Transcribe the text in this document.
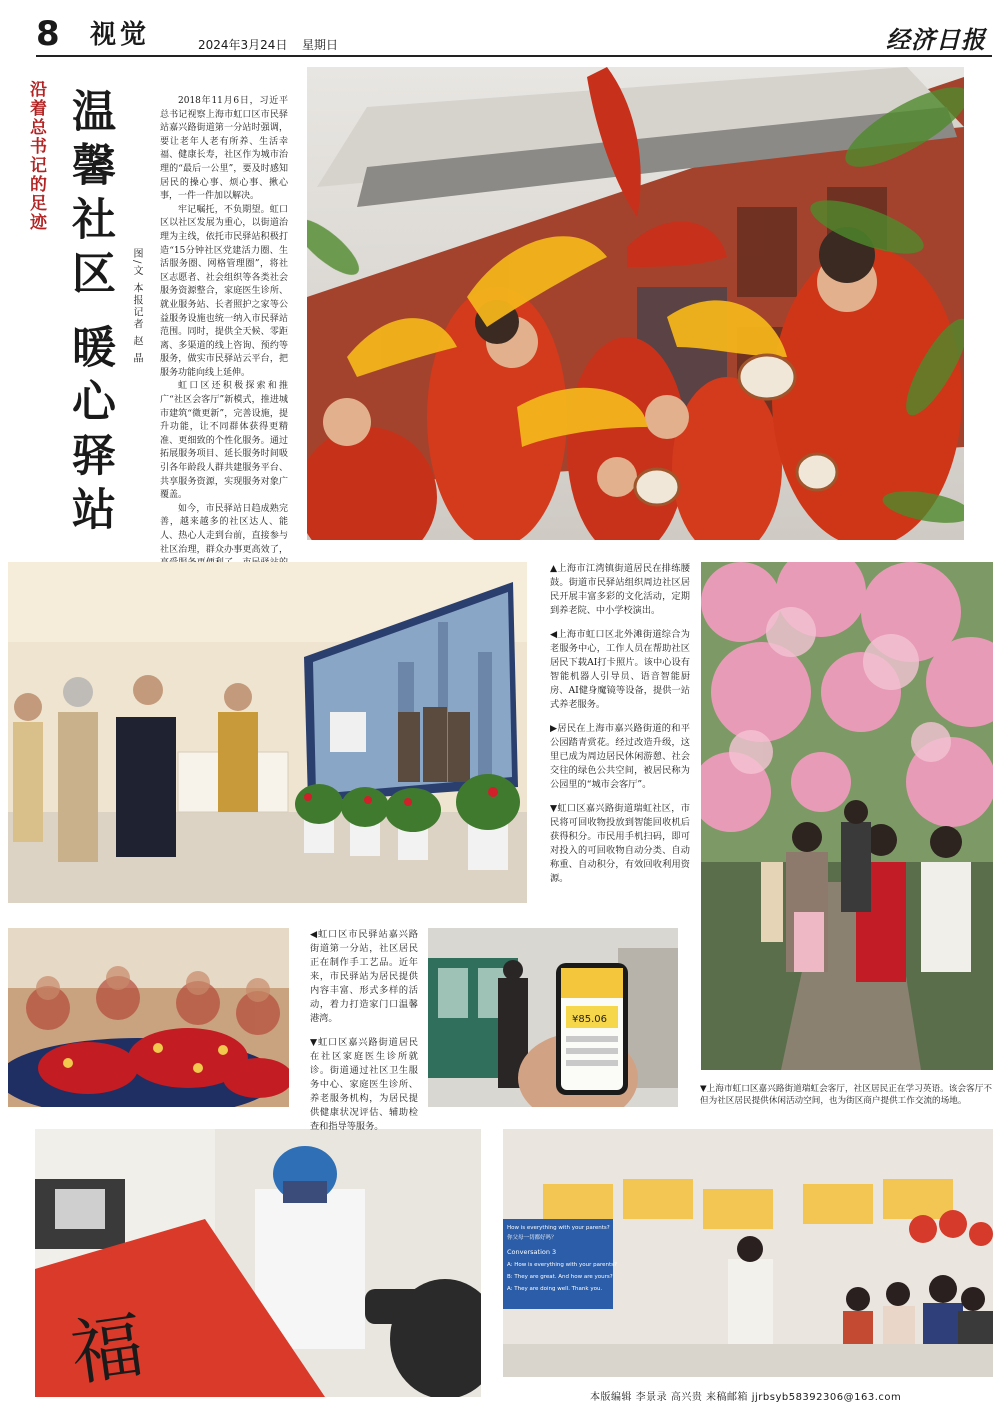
8 视觉	2024年3月24日 星期日	经济日报
沿着总书记的足迹 温馨社区暖心驿站
图/文 本报记者 赵 晶

2018年11月6日，习近平总书记视察上海市虹口区市民驿站嘉兴路街道第一分站时强调，要让老年人老有所养、生活幸福、健康长寿，社区作为城市治理的“最后一公里”，要及时感知居民的操心事、烦心事、揪心事，一件一件加以解决。

牢记嘱托，不负期望。虹口区以社区发展为重心，以街道治理为主线，依托市民驿站积极打造“15分钟社区党建活力圈、生活服务圈、网格管理圈”，将社区志愿者、社会组织等各类社会服务资源整合，家庭医生诊所、就业服务站、长者照护之家等公益服务设施也统一纳入市民驿站范围。同时，提供全天候、零距离、多渠道的线上咨询、预约等服务，做实市民驿站云平台，把服务功能向线上延伸。

虹口区还积极探索和推广“社区会客厅”新模式，推进城市建筑“微更新”，完善设施，提升功能，让不同群体获得更精准、更细致的个性化服务。通过拓展服务项目、延长服务时间吸引各年龄段人群共建服务平台、共享服务资源，实现服务对象广覆盖。

如今，市民驿站日趋成熟完善，越来越多的社区达人、能人、热心人走到台前，直接参与社区治理，群众办事更高效了，

¥85.06
福
How is everything with your parents?
你父母一切都好吗？
Conversation 3
A: How is everything with your parents?
B: They are great. And how are yours?
A: They are doing well. Thank you.

▲上海市江湾镇街道居民在排练腰鼓。街道市民驿站组织周边社区居民开展丰富多彩的文化活动，定期到养老院、中小学校演出。

◀上海市虹口区北外滩街道综合为老服务中心，工作人员在帮助社区居民下载AI打卡照片。该中心设有智能机器人引导员、语音智能厨房、AI健身魔镜等设备，提供一站式养老服务。

▶居民在上海市嘉兴路街道的和平公园踏青赏花。经过改造升级，这里已成为周边居民休闲游憩、社会交往的绿色公共空间，被居民称为公园里的“城市会客厅”。

▼虹口区嘉兴路街道瑞虹社区，市民将可回收物投放到智能回收机后获得积分。市民用手机扫码，即可对投入的可回收物自动分类、自动称重、自动积分，有效回收利用资源。

◀虹口区市民驿站嘉兴路街道第一分站，社区居民正在制作手工艺品。近年来，市民驿站为居民提供内容丰富、形式多样的活动，着力打造家门口温馨港湾。

▼虹口区嘉兴路街道居民在社区家庭医生诊所就诊。街道通过社区卫生服务中心、家庭医生诊所、养老服务机构，为居民提供健康状况评估、辅助检查和指导等服务。

▼上海市虹口区嘉兴路街道瑞虹会客厅，社区居民正在学习英语。该会客厅不但为社区居民提供休闲活动空间，也为街区商户提供工作交流的场地。
本版编辑 李景录 高兴贵 来稿邮箱 jjrbsyb58392306@163.com
